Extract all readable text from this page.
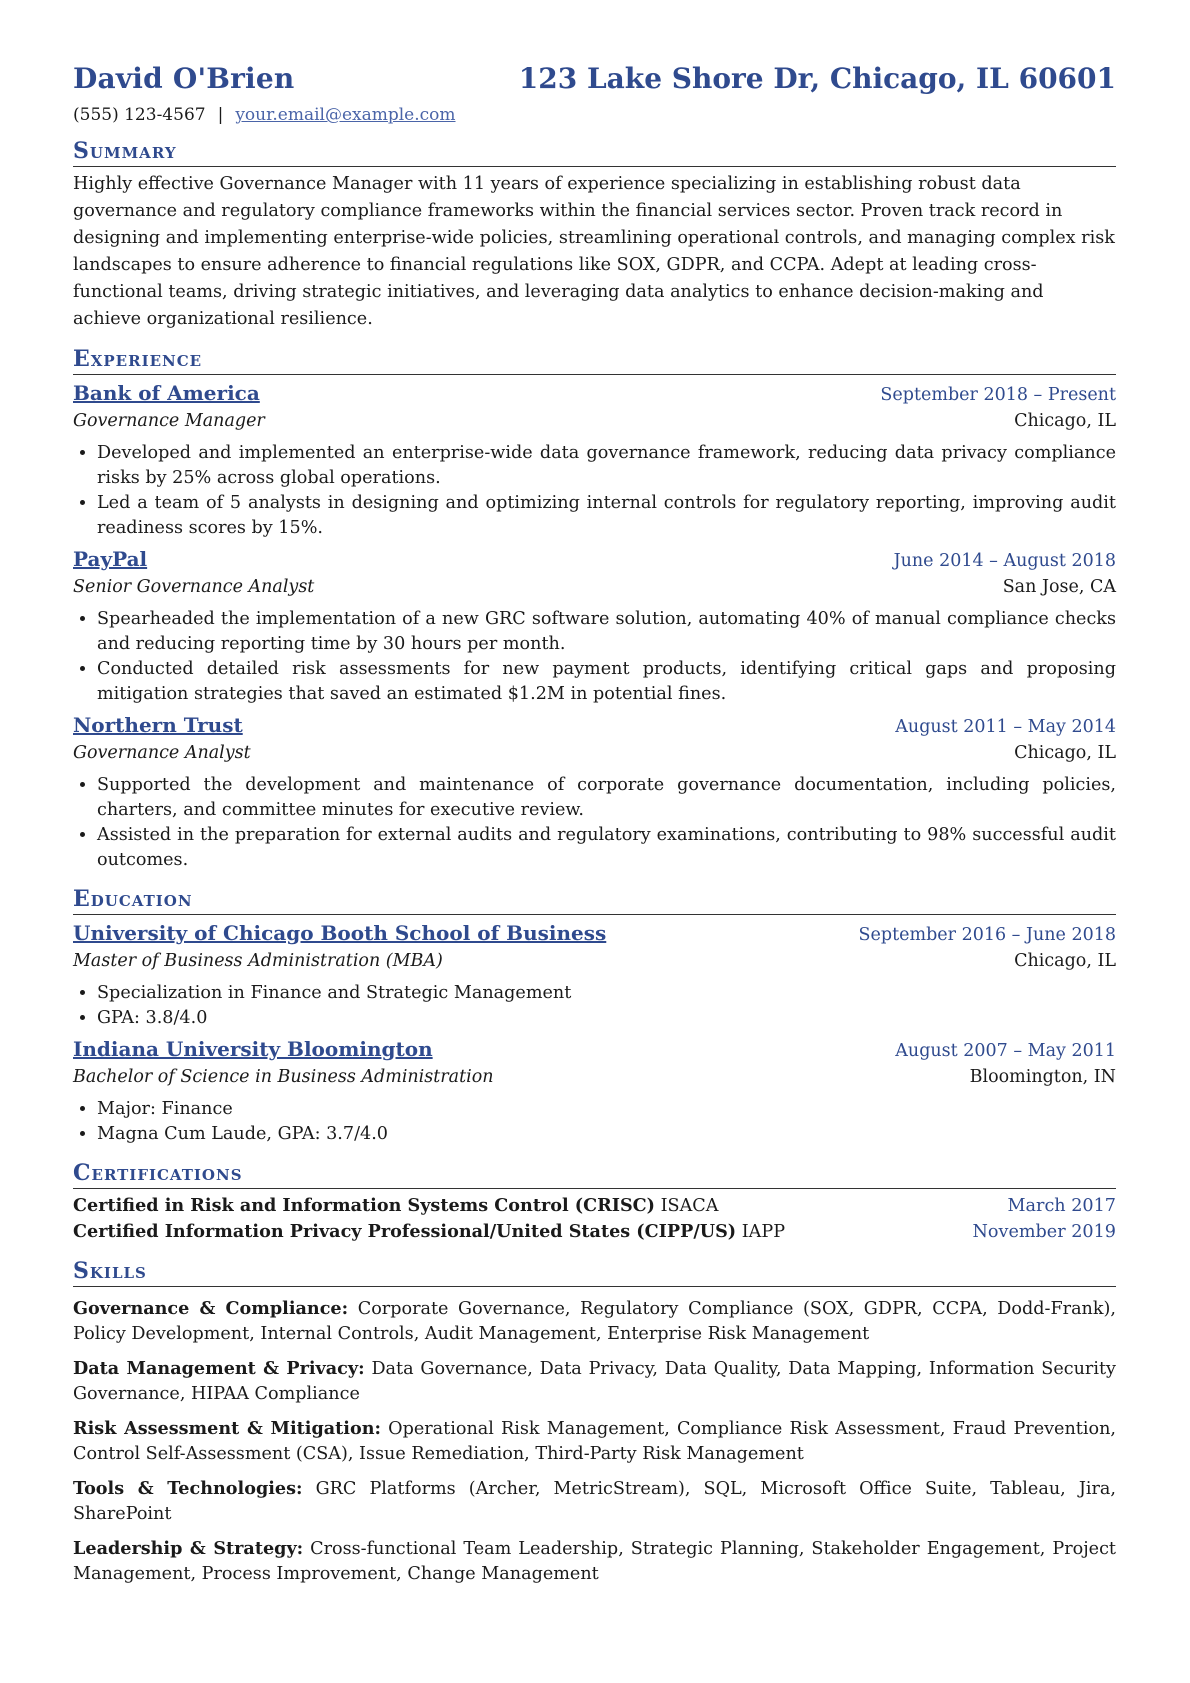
David O'Brien	123 Lake Shore Dr, Chicago, IL 60601
(555) 123-4567 | your.email@example.com
Summary
Highly effective Governance Manager with 11 years of experience specializing in establishing robust data governance and regulatory compliance frameworks within the financial services sector. Proven track record in designing and implementing enterprise-wide policies, streamlining operational controls, and managing complex risk landscapes to ensure adherence to financial regulations like SOX, GDPR, and CCPA. Adept at leading cross-functional teams, driving strategic initiatives, and leveraging data analytics to enhance decision-making and achieve organizational resilience.
Experience
Bank of America	September 2018 – Present
Governance Manager	Chicago, IL
• Developed and implemented an enterprise-wide data governance framework, reducing data privacy compliance risks by 25% across global operations.
• Led a team of 5 analysts in designing and optimizing internal controls for regulatory reporting, improving audit readiness scores by 15%.
PayPal	June 2014 – August 2018
Senior Governance Analyst	San Jose, CA
• Spearheaded the implementation of a new GRC software solution, automating 40% of manual compliance checks and reducing reporting time by 30 hours per month.
• Conducted detailed risk assessments for new payment products, identifying critical gaps and proposing mitigation strategies that saved an estimated $1.2M in potential fines.
Northern Trust	August 2011 – May 2014
Governance Analyst	Chicago, IL
• Supported the development and maintenance of corporate governance documentation, including policies, charters, and committee minutes for executive review.
• Assisted in the preparation for external audits and regulatory examinations, contributing to 98% successful audit outcomes.
Education
University of Chicago Booth School of Business	September 2016 – June 2018
Master of Business Administration (MBA)	Chicago, IL
• Specialization in Finance and Strategic Management
• GPA: 3.8/4.0
Indiana University Bloomington	August 2007 – May 2011
Bachelor of Science in Business Administration	Bloomington, IN
• Major: Finance
• Magna Cum Laude, GPA: 3.7/4.0
Certifications
Certified in Risk and Information Systems Control (CRISC) ISACA	March 2017
Certified Information Privacy Professional/United States (CIPP/US) IAPP	November 2019
Skills
Governance & Compliance: Corporate Governance, Regulatory Compliance (SOX, GDPR, CCPA, Dodd-Frank), Policy Development, Internal Controls, Audit Management, Enterprise Risk Management
Data Management & Privacy: Data Governance, Data Privacy, Data Quality, Data Mapping, Information Security Governance, HIPAA Compliance
Risk Assessment & Mitigation: Operational Risk Management, Compliance Risk Assessment, Fraud Prevention, Control Self-Assessment (CSA), Issue Remediation, Third-Party Risk Management
Tools & Technologies: GRC Platforms (Archer, MetricStream), SQL, Microsoft Office Suite, Tableau, Jira, SharePoint
Leadership & Strategy: Cross-functional Team Leadership, Strategic Planning, Stakeholder Engagement, Project Management, Process Improvement, Change Management
